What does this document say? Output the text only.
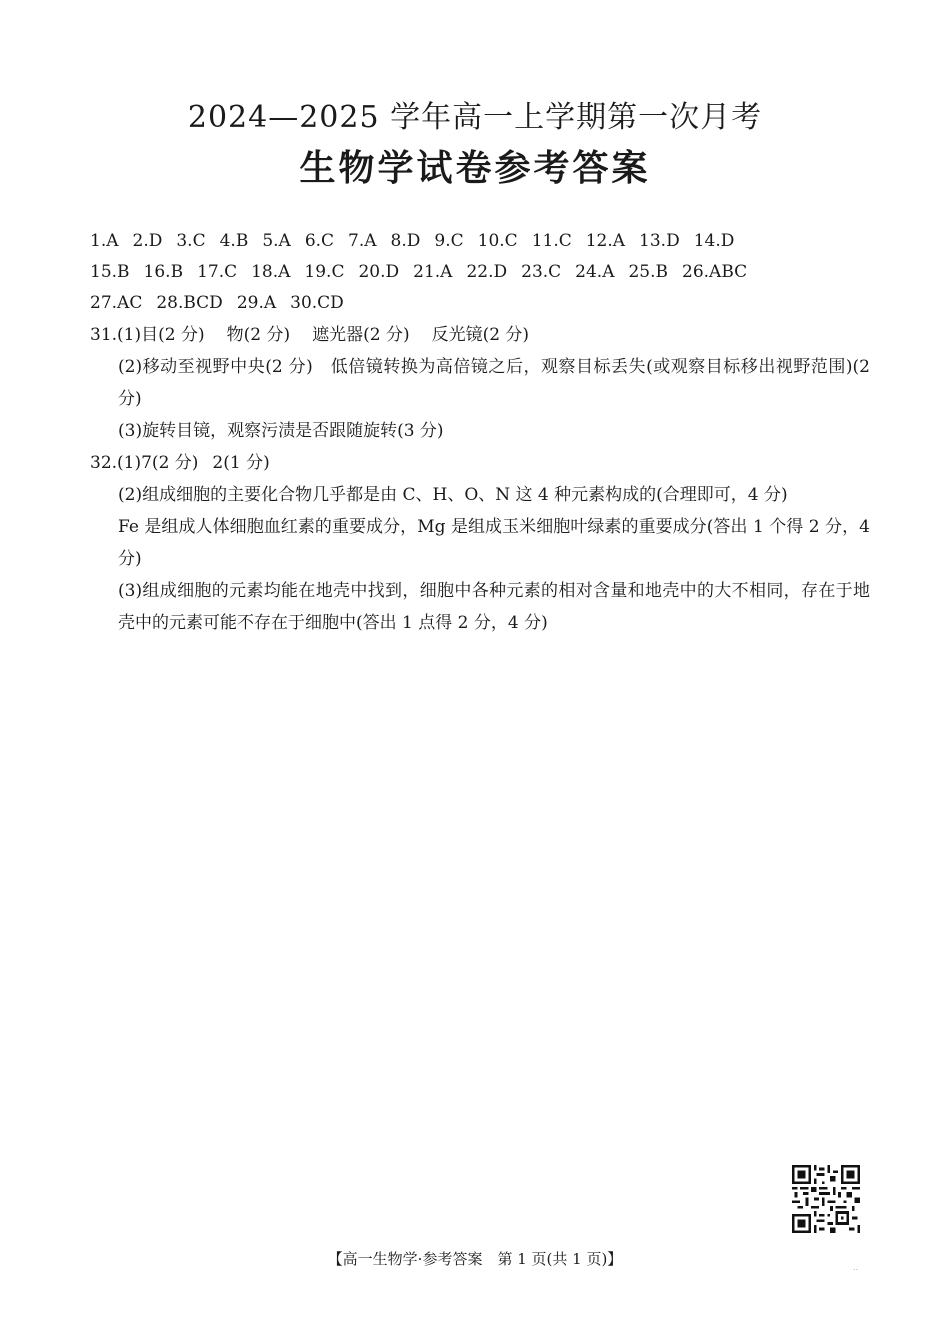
2024—2025 学年高一上学期第一次月考
生物学试卷参考答案
1.A 2.D 3.C 4.B 5.A 6.C 7.A 8.D 9.C 10.C 11.C 12.A 13.D 14.D
15.B 16.B 17.C 18.A 19.C 20.D 21.A 22.D 23.C 24.A 25.B 26.ABC
27.AC 28.BCD 29.A 30.CD
31.(1)目(2 分) 物(2 分) 遮光器(2 分) 反光镜(2 分)
(2)移动至视野中央(2 分)　低倍镜转换为高倍镜之后，观察目标丢失(或观察目标移出视野范围)(2 分)
(3)旋转目镜，观察污渍是否跟随旋转(3 分)
32.(1)7(2 分) 2(1 分)
(2)组成细胞的主要化合物几乎都是由 C、H、O、N 这 4 种元素构成的(合理即可，4 分)
Fe 是组成人体细胞血红素的重要成分，Mg 是组成玉米细胞叶绿素的重要成分(答出 1 个得 2 分，4 分)
(3)组成细胞的元素均能在地壳中找到，细胞中各种元素的相对含量和地壳中的大不相同，存在于地壳中的元素可能不存在于细胞中(答出 1 点得 2 分，4 分)
【高一生物学·参考答案　第 1 页(共 1 页)】	..
